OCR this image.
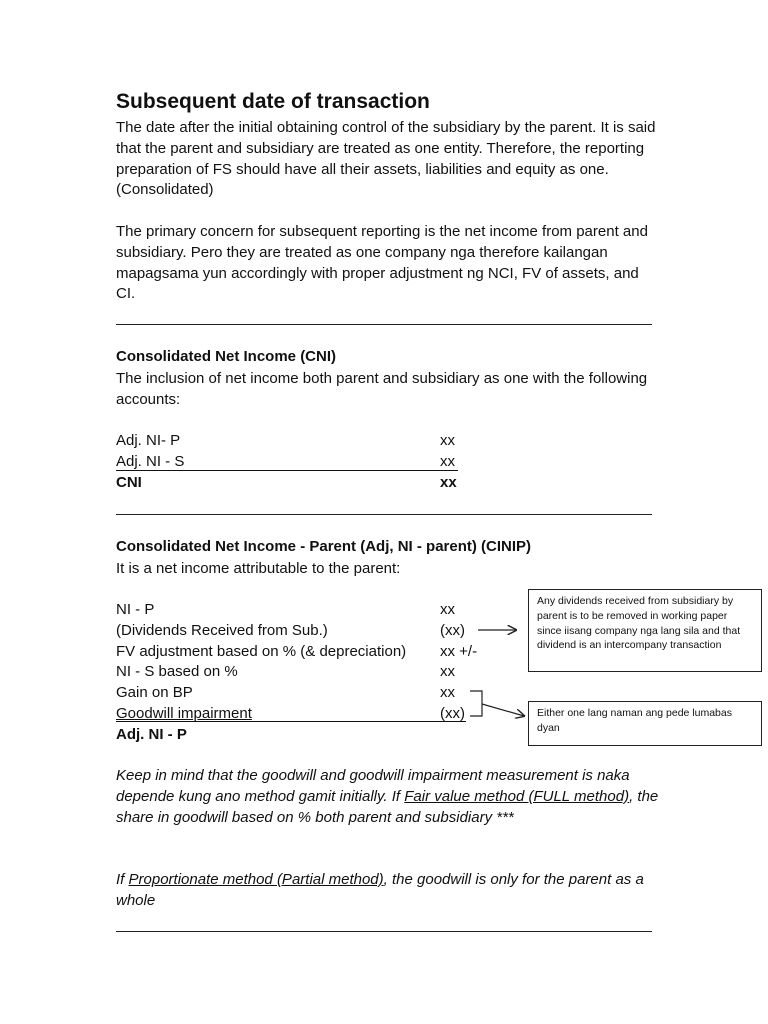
Subsequent date of transaction

The date after the initial obtaining control of the subsidiary by the parent. It is said that the parent and subsidiary are treated as one entity. Therefore, the reporting preparation of FS should have all their assets, liabilities and equity as one. (Consolidated)

The primary concern for subsequent reporting is the net income from parent and subsidiary. Pero they are treated as one company nga therefore kailangan mapagsama yun accordingly with proper adjustment ng NCI, FV of assets, and CI.

Consolidated Net Income (CNI)

The inclusion of net income both parent and subsidiary as one with the following accounts:

Adj. NI- P	xx
Adj. NI - S	xx
CNI	xx
Consolidated Net Income - Parent (Adj, NI - parent) (CINIP)

It is a net income attributable to the parent:

NI - P	xx
(Dividends Received from Sub.)	(xx)
FV adjustment based on % (& depreciation) xx +/-
NI - S based on %	xx
Gain on BP	xx
Goodwill impairment	(xx)
Adj. NI - P
Any dividends received from subsidiary by parent is to be removed in working paper since iisang company nga lang sila and that dividend is an intercompany transaction
Either one lang naman ang pede lumabas dyan

Keep in mind that the goodwill and goodwill impairment measurement is naka depende kung ano method gamit initially. If Fair value method (FULL method), the share in goodwill based on % both parent and subsidiary ***

If Proportionate method (Partial method), the goodwill is only for the parent as a whole
